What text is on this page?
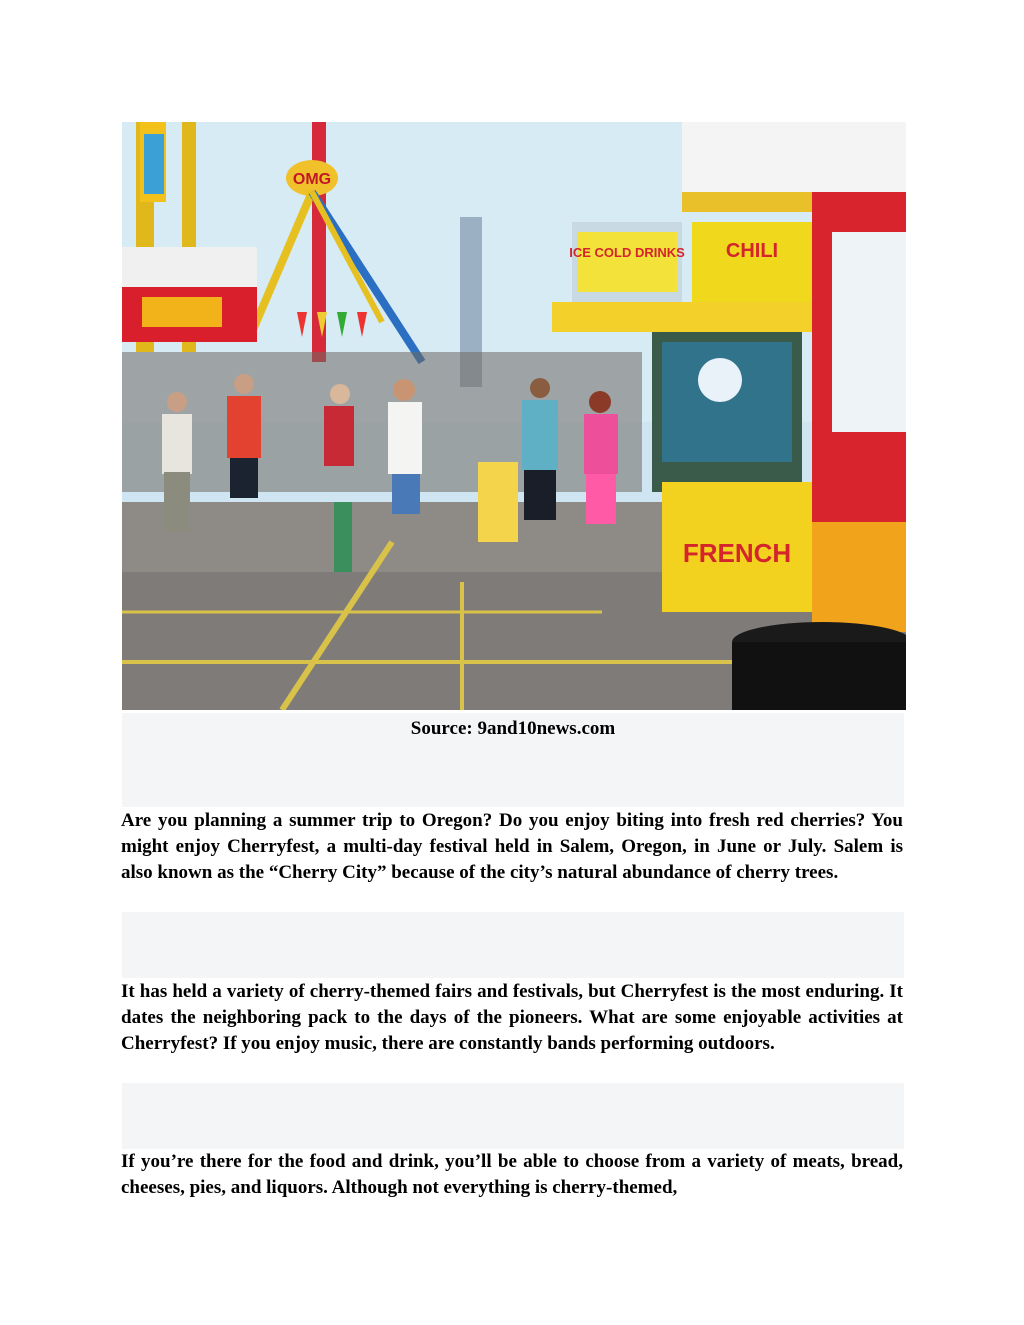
OMG
ICE COLD DRINKS CHILI
FRENCH
Source: 9and10news.com

Are you planning a summer trip to Oregon? Do you enjoy biting into fresh red cherries? You might enjoy Cherryfest, a multi-day festival held in Salem, Oregon, in June or July. Salem is also known as the “Cherry City” because of the city’s natural abundance of cherry trees.

It has held a variety of cherry-themed fairs and festivals, but Cherryfest is the most enduring. It dates the neighboring pack to the days of the pioneers. What are some enjoyable activities at Cherryfest? If you enjoy music, there are constantly bands performing outdoors.

If you’re there for the food and drink, you’ll be able to choose from a variety of meats, bread, cheeses, pies, and liquors. Although not everything is cherry-themed,
